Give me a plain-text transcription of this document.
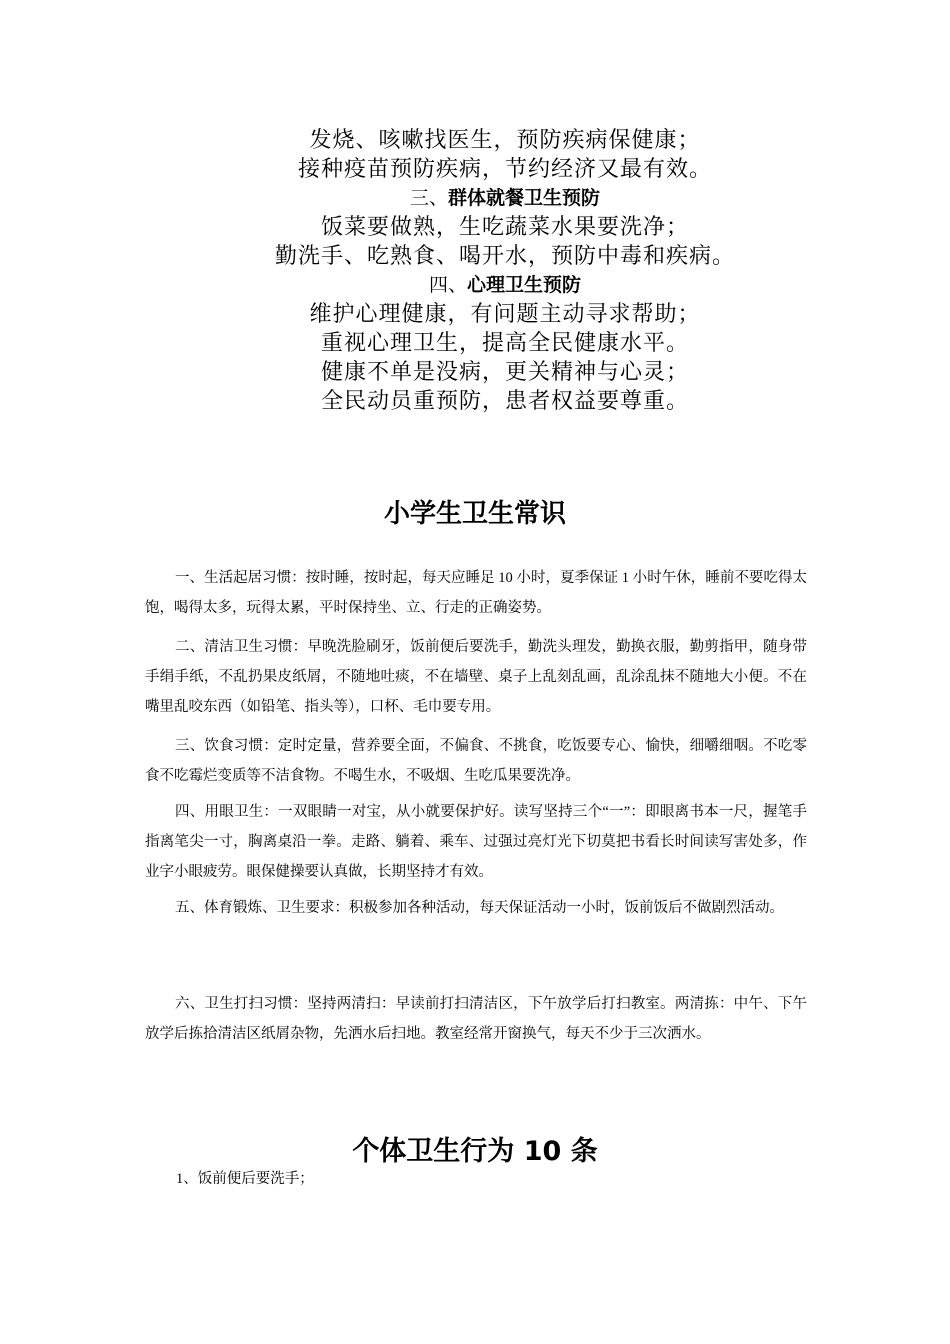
发烧、咳嗽找医生，预防疾病保健康；
接种疫苗预防疾病，节约经济又最有效。
三、群体就餐卫生预防
饭菜要做熟，生吃蔬菜水果要洗净；
勤洗手、吃熟食、喝开水，预防中毒和疾病。
四、心理卫生预防
维护心理健康，有问题主动寻求帮助；
重视心理卫生，提高全民健康水平。
健康不单是没病，更关精神与心灵；
全民动员重预防，患者权益要尊重。
小学生卫生常识
一、生活起居习惯：按时睡，按时起，每天应睡足 10 小时，夏季保证 1 小时午休，睡前不要吃得太饱，喝得太多，玩得太累，平时保持坐、立、行走的正确姿势。
二、清洁卫生习惯：早晚洗脸刷牙，饭前便后要洗手，勤洗头理发，勤换衣服，勤剪指甲，随身带手绢手纸，不乱扔果皮纸屑，不随地吐痰，不在墙壁、桌子上乱刻乱画，乱涂乱抹不随地大小便。不在嘴里乱咬东西（如铅笔、指头等），口杯、毛巾要专用。
三、饮食习惯：定时定量，营养要全面，不偏食、不挑食，吃饭要专心、愉快，细嚼细咽。不吃零食不吃霉烂变质等不洁食物。不喝生水，不吸烟、生吃瓜果要洗净。
四、用眼卫生：一双眼睛一对宝，从小就要保护好。读写坚持三个“一”：即眼离书本一尺，握笔手指离笔尖一寸，胸离桌沿一拳。走路、躺着、乘车、过强过亮灯光下切莫把书看长时间读写害处多，作业字小眼疲劳。眼保健操要认真做，长期坚持才有效。
五、体育锻炼、卫生要求：积极参加各种活动，每天保证活动一小时，饭前饭后不做剧烈活动。
六、卫生打扫习惯：坚持两清扫：早读前打扫清洁区，下午放学后打扫教室。两清拣：中午、下午放学后拣拾清洁区纸屑杂物，先洒水后扫地。教室经常开窗换气，每天不少于三次洒水。
个体卫生行为 10 条
1、饭前便后要洗手；
